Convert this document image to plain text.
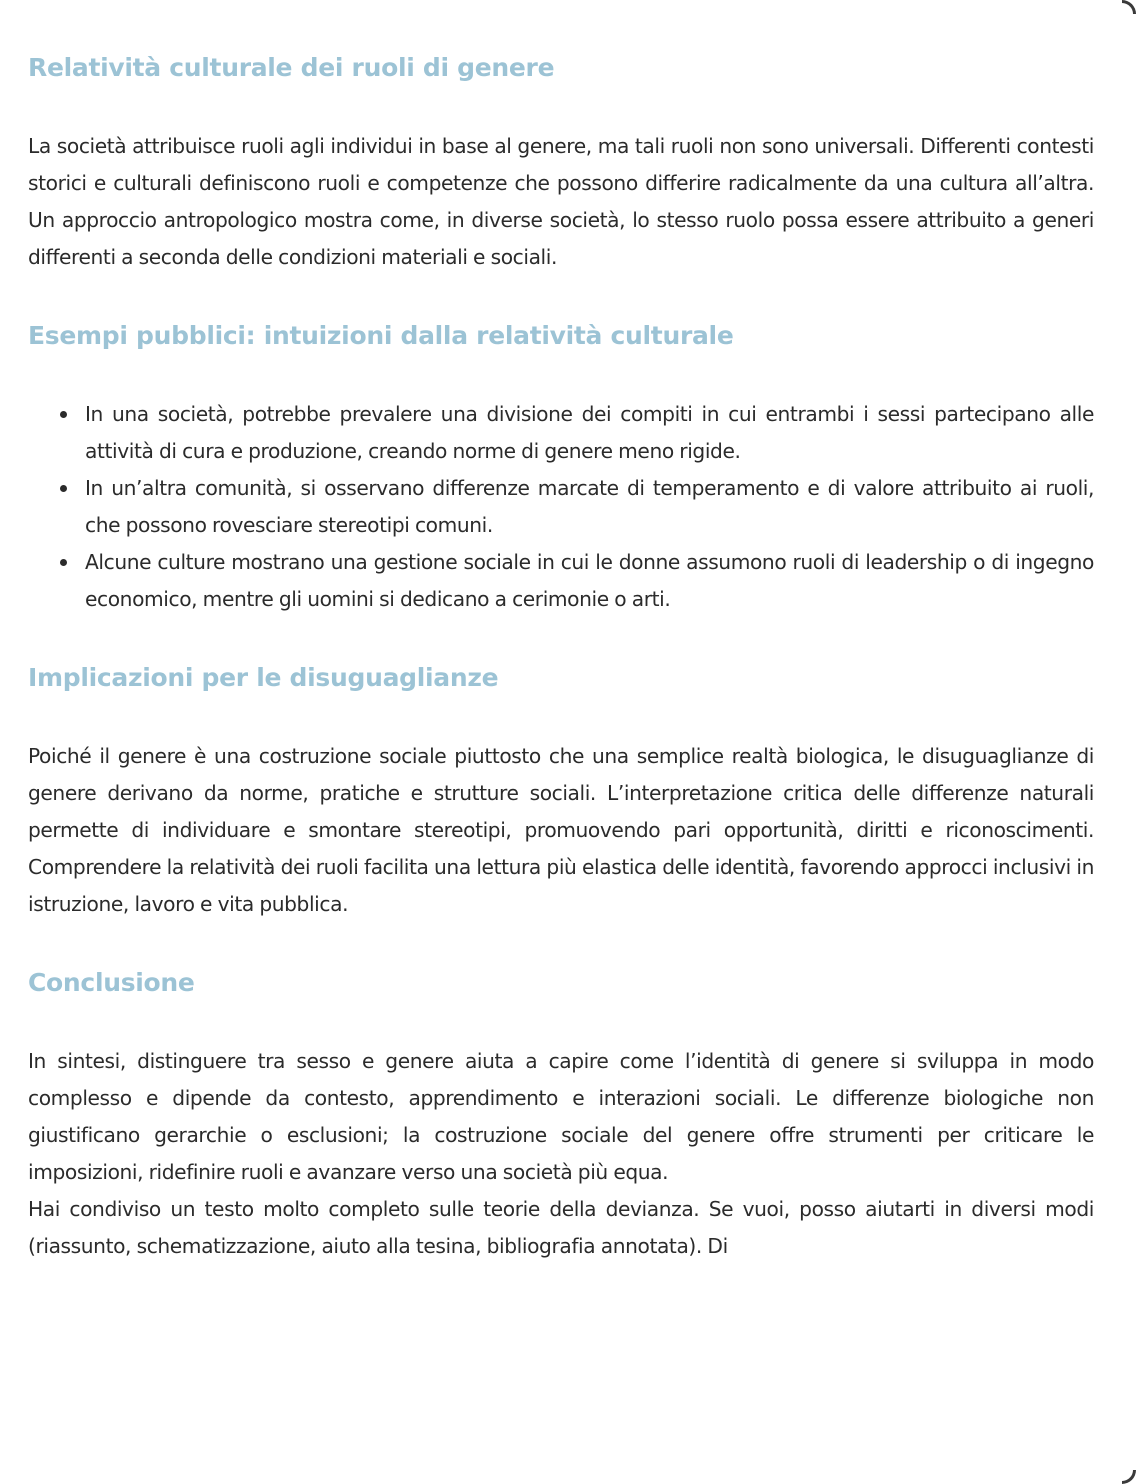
Relatività culturale dei ruoli di genere

La società attribuisce ruoli agli individui in base al genere, ma tali ruoli non sono universali. Differenti contesti storici e culturali definiscono ruoli e competenze che possono differire radicalmente da una cultura all’altra. Un approccio antropologico mostra come, in diverse società, lo stesso ruolo possa essere attribuito a generi differenti a seconda delle condizioni materiali e sociali.

Esempi pubblici: intuizioni dalla relatività culturale
In una società, potrebbe prevalere una divisione dei compiti in cui entrambi i sessi partecipano alle attività di cura e produzione, creando norme di genere meno rigide.
In un’altra comunità, si osservano differenze marcate di temperamento e di valore attribuito ai ruoli, che possono rovesciare stereotipi comuni.
Alcune culture mostrano una gestione sociale in cui le donne assumono ruoli di leadership o di ingegno economico, mentre gli uomini si dedicano a cerimonie o arti.
Implicazioni per le disuguaglianze

Poiché il genere è una costruzione sociale piuttosto che una semplice realtà biologica, le disuguaglianze di genere derivano da norme, pratiche e strutture sociali. L’interpretazione critica delle differenze naturali permette di individuare e smontare stereotipi, promuovendo pari opportunità, diritti e riconoscimenti. Comprendere la relatività dei ruoli facilita una lettura più elastica delle identità, favorendo approcci inclusivi in istruzione, lavoro e vita pubblica.

Conclusione

In sintesi, distinguere tra sesso e genere aiuta a capire come l’identità di genere si sviluppa in modo complesso e dipende da contesto, apprendimento e interazioni sociali. Le differenze biologiche non giustificano gerarchie o esclusioni; la costruzione sociale del genere offre strumenti per criticare le imposizioni, ridefinire ruoli e avanzare verso una società più equa.

Hai condiviso un testo molto completo sulle teorie della devianza. Se vuoi, posso aiutarti in diversi modi (riassunto, schematizzazione, aiuto alla tesina, bibliografia annotata). Di
